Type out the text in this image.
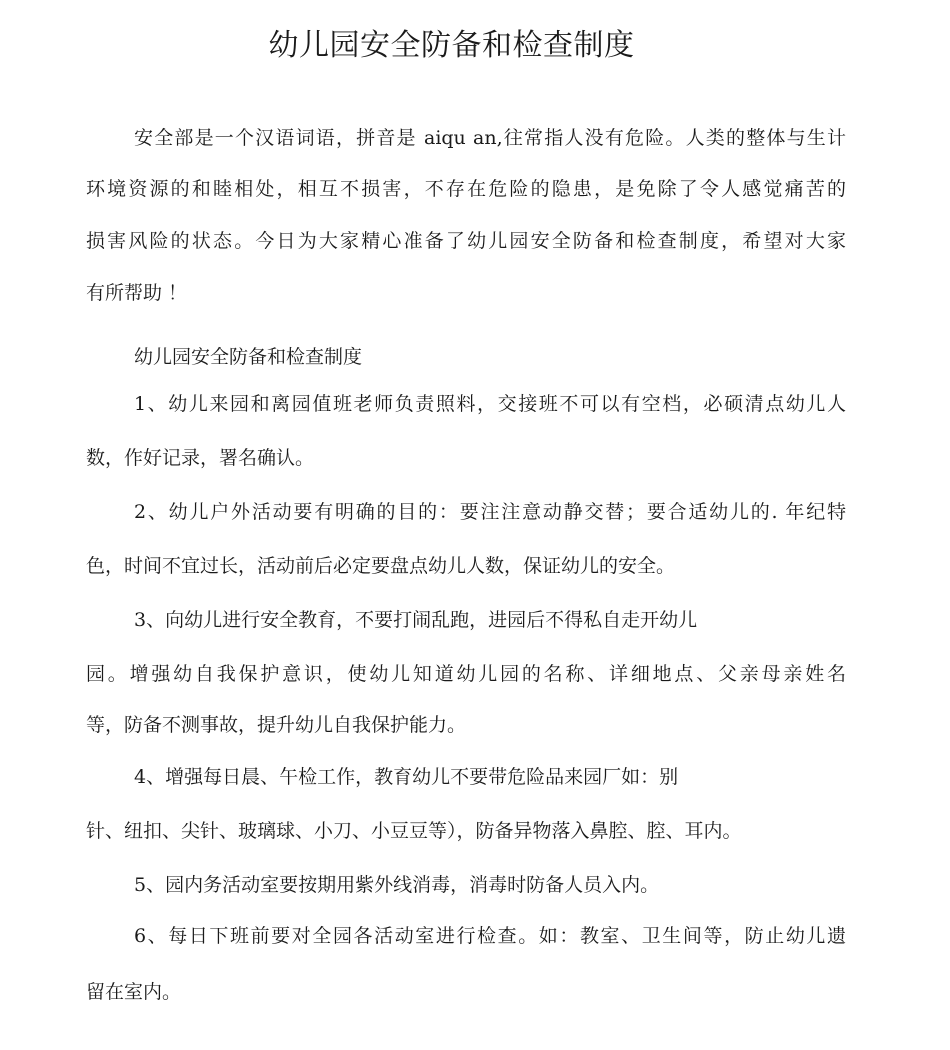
幼儿园安全防备和检查制度
安全部是一个汉语词语，拼音是 aiqu an,往常指人没有危险。人类的整体与生计
环境资源的和睦相处，相互不损害，不存在危险的隐患，是免除了令人感觉痛苦的
损害风险的状态。今日为大家精心准备了幼儿园安全防备和检查制度，希望对大家
有所帮助 ！
幼儿园安全防备和检查制度
1、幼儿来园和离园值班老师负责照料，交接班不可以有空档，必硕清点幼儿人
数，作好记录，署名确认。
2、幼儿户外活动要有明确的目的：要注注意动静交替；要合适幼儿的. 年纪特
色，时间不宜过长，活动前后必定要盘点幼儿人数，保证幼儿的安全。
3、向幼儿进行安全教育，不要打闹乱跑，进园后不得私自走开幼儿
园。增强幼自我保护意识，使幼儿知道幼儿园的名称、详细地点、父亲母亲姓名
等，防备不测事故，提升幼儿自我保护能力。
4、增强每日晨、午检工作，教育幼儿不要带危险品来园厂如：别
针、纽扣、尖针、玻璃球、小刀、小豆豆等），防备异物落入鼻腔、腔、耳内。
5、园内务活动室要按期用紫外线消毒，消毒时防备人员入内。
6、每日下班前要对全园各活动室进行检查。如：教室、卫生间等，防止幼儿遗
留在室内。
